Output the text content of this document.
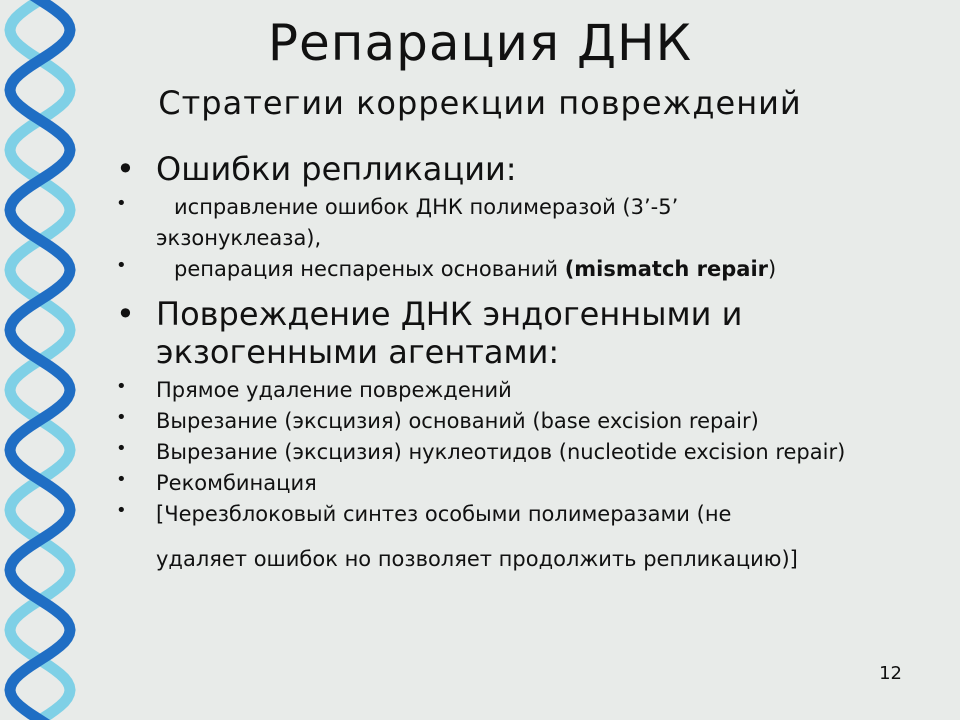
Репарация ДНК
Стратегии коррекции повреждений
• Ошибки репликации:
• исправление ошибок ДНК полимеразой (3’-5’
экзонуклеаза),
• репарация неспареных оснований (mismatch repair)
• Повреждение ДНК эндогенными и экзогенными агентами:
• Прямое удаление повреждений
• Вырезание (эксцизия) оснований (base excision repair)
• Вырезание (эксцизия) нуклеотидов (nucleotide excision repair)
• Рекомбинация
• [Черезблоковый синтез особыми полимеразами (не
удаляет ошибок но позволяет продолжить репликацию)]
12
